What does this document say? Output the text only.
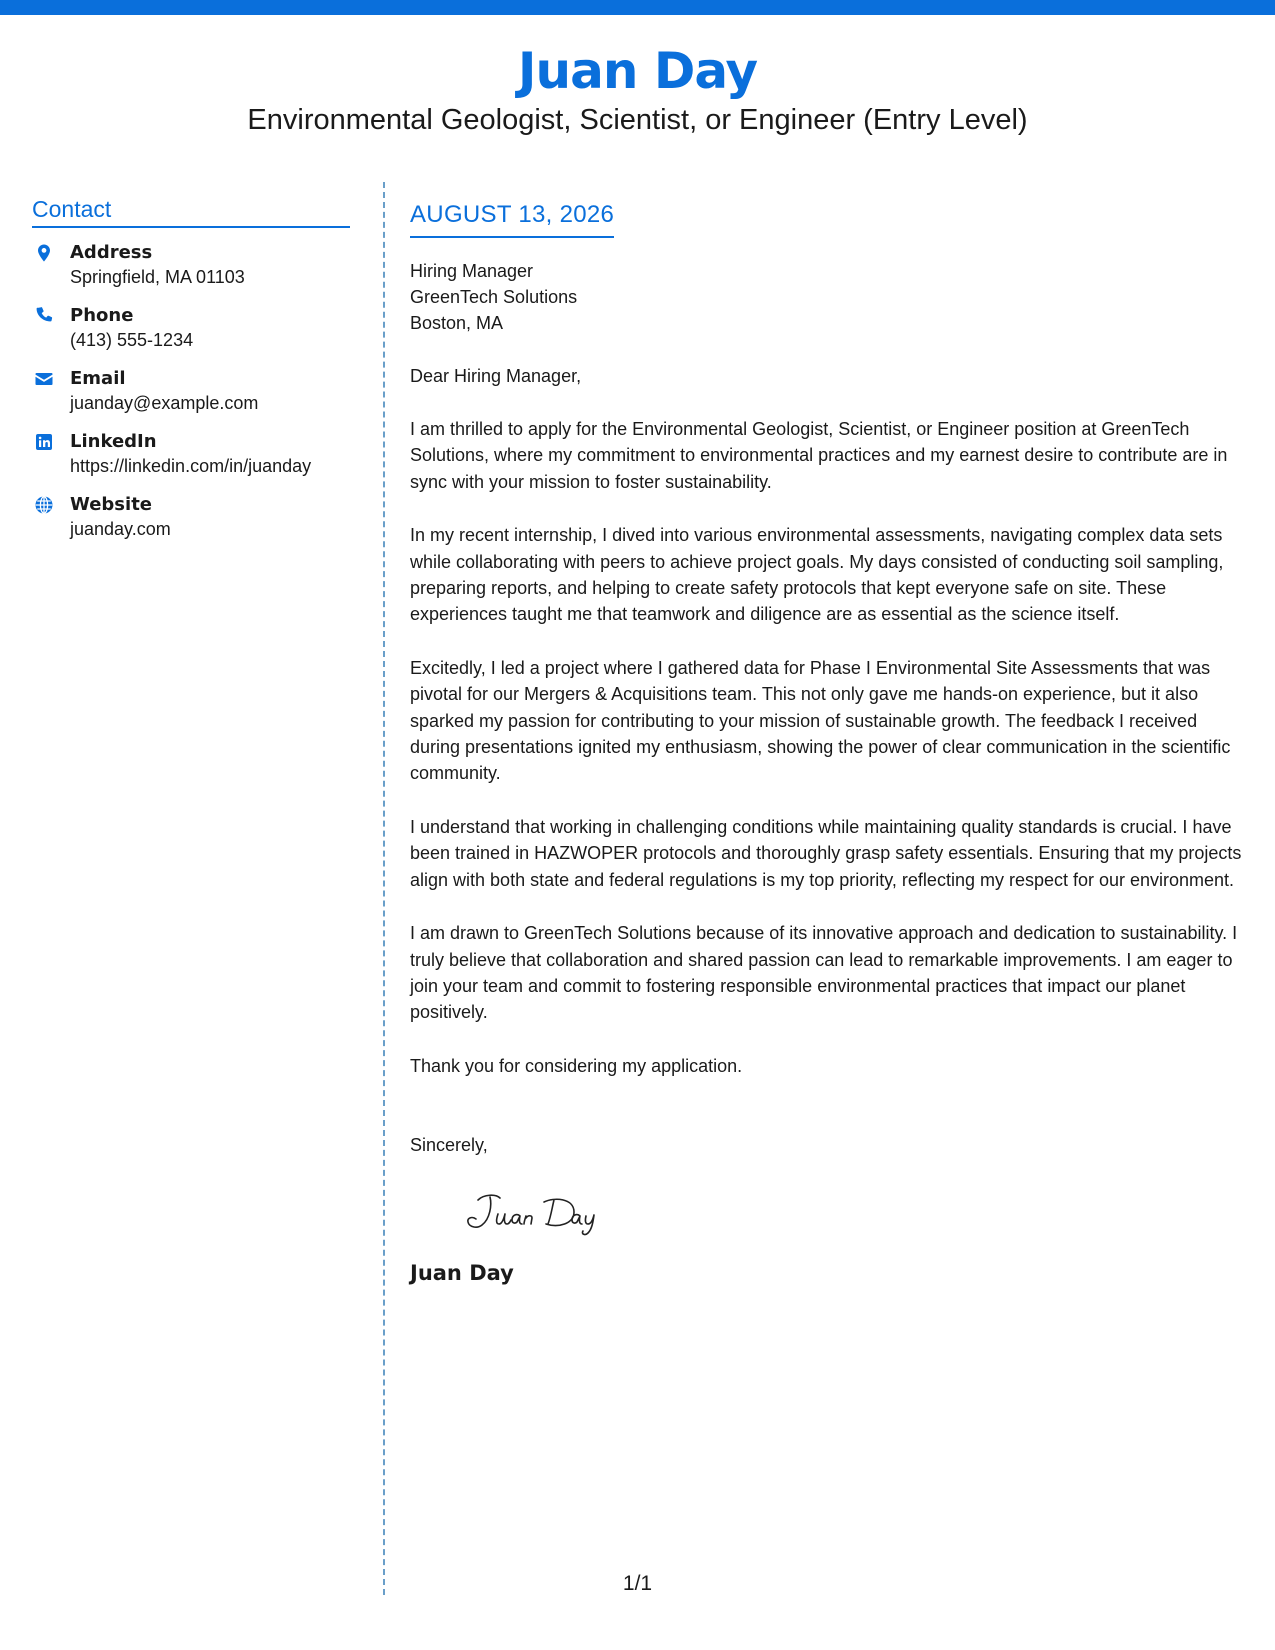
Juan Day
Environmental Geologist, Scientist, or Engineer (Entry Level)
Contact
Address
Springfield, MA 01103
Phone
(413) 555-1234
Email
juanday@example.com
LinkedIn
https://linkedin.com/in/juanday
Website
juanday.com
AUGUST 13, 2026
Hiring Manager
GreenTech Solutions
Boston, MA
Dear Hiring Manager,
I am thrilled to apply for the Environmental Geologist, Scientist, or Engineer position at GreenTech Solutions, where my commitment to environmental practices and my earnest desire to contribute are in sync with your mission to foster sustainability.
In my recent internship, I dived into various environmental assessments, navigating complex data sets while collaborating with peers to achieve project goals. My days consisted of conducting soil sampling, preparing reports, and helping to create safety protocols that kept everyone safe on site. These experiences taught me that teamwork and diligence are as essential as the science itself.
Excitedly, I led a project where I gathered data for Phase I Environmental Site Assessments that was pivotal for our Mergers & Acquisitions team. This not only gave me hands-on experience, but it also sparked my passion for contributing to your mission of sustainable growth. The feedback I received during presentations ignited my enthusiasm, showing the power of clear communication in the scientific community.
I understand that working in challenging conditions while maintaining quality standards is crucial. I have been trained in HAZWOPER protocols and thoroughly grasp safety essentials. Ensuring that my projects align with both state and federal regulations is my top priority, reflecting my respect for our environment.
I am drawn to GreenTech Solutions because of its innovative approach and dedication to sustainability. I truly believe that collaboration and shared passion can lead to remarkable improvements. I am eager to join your team and commit to fostering responsible environmental practices that impact our planet positively.
Thank you for considering my application.
Sincerely,
Juan Day
1/1
